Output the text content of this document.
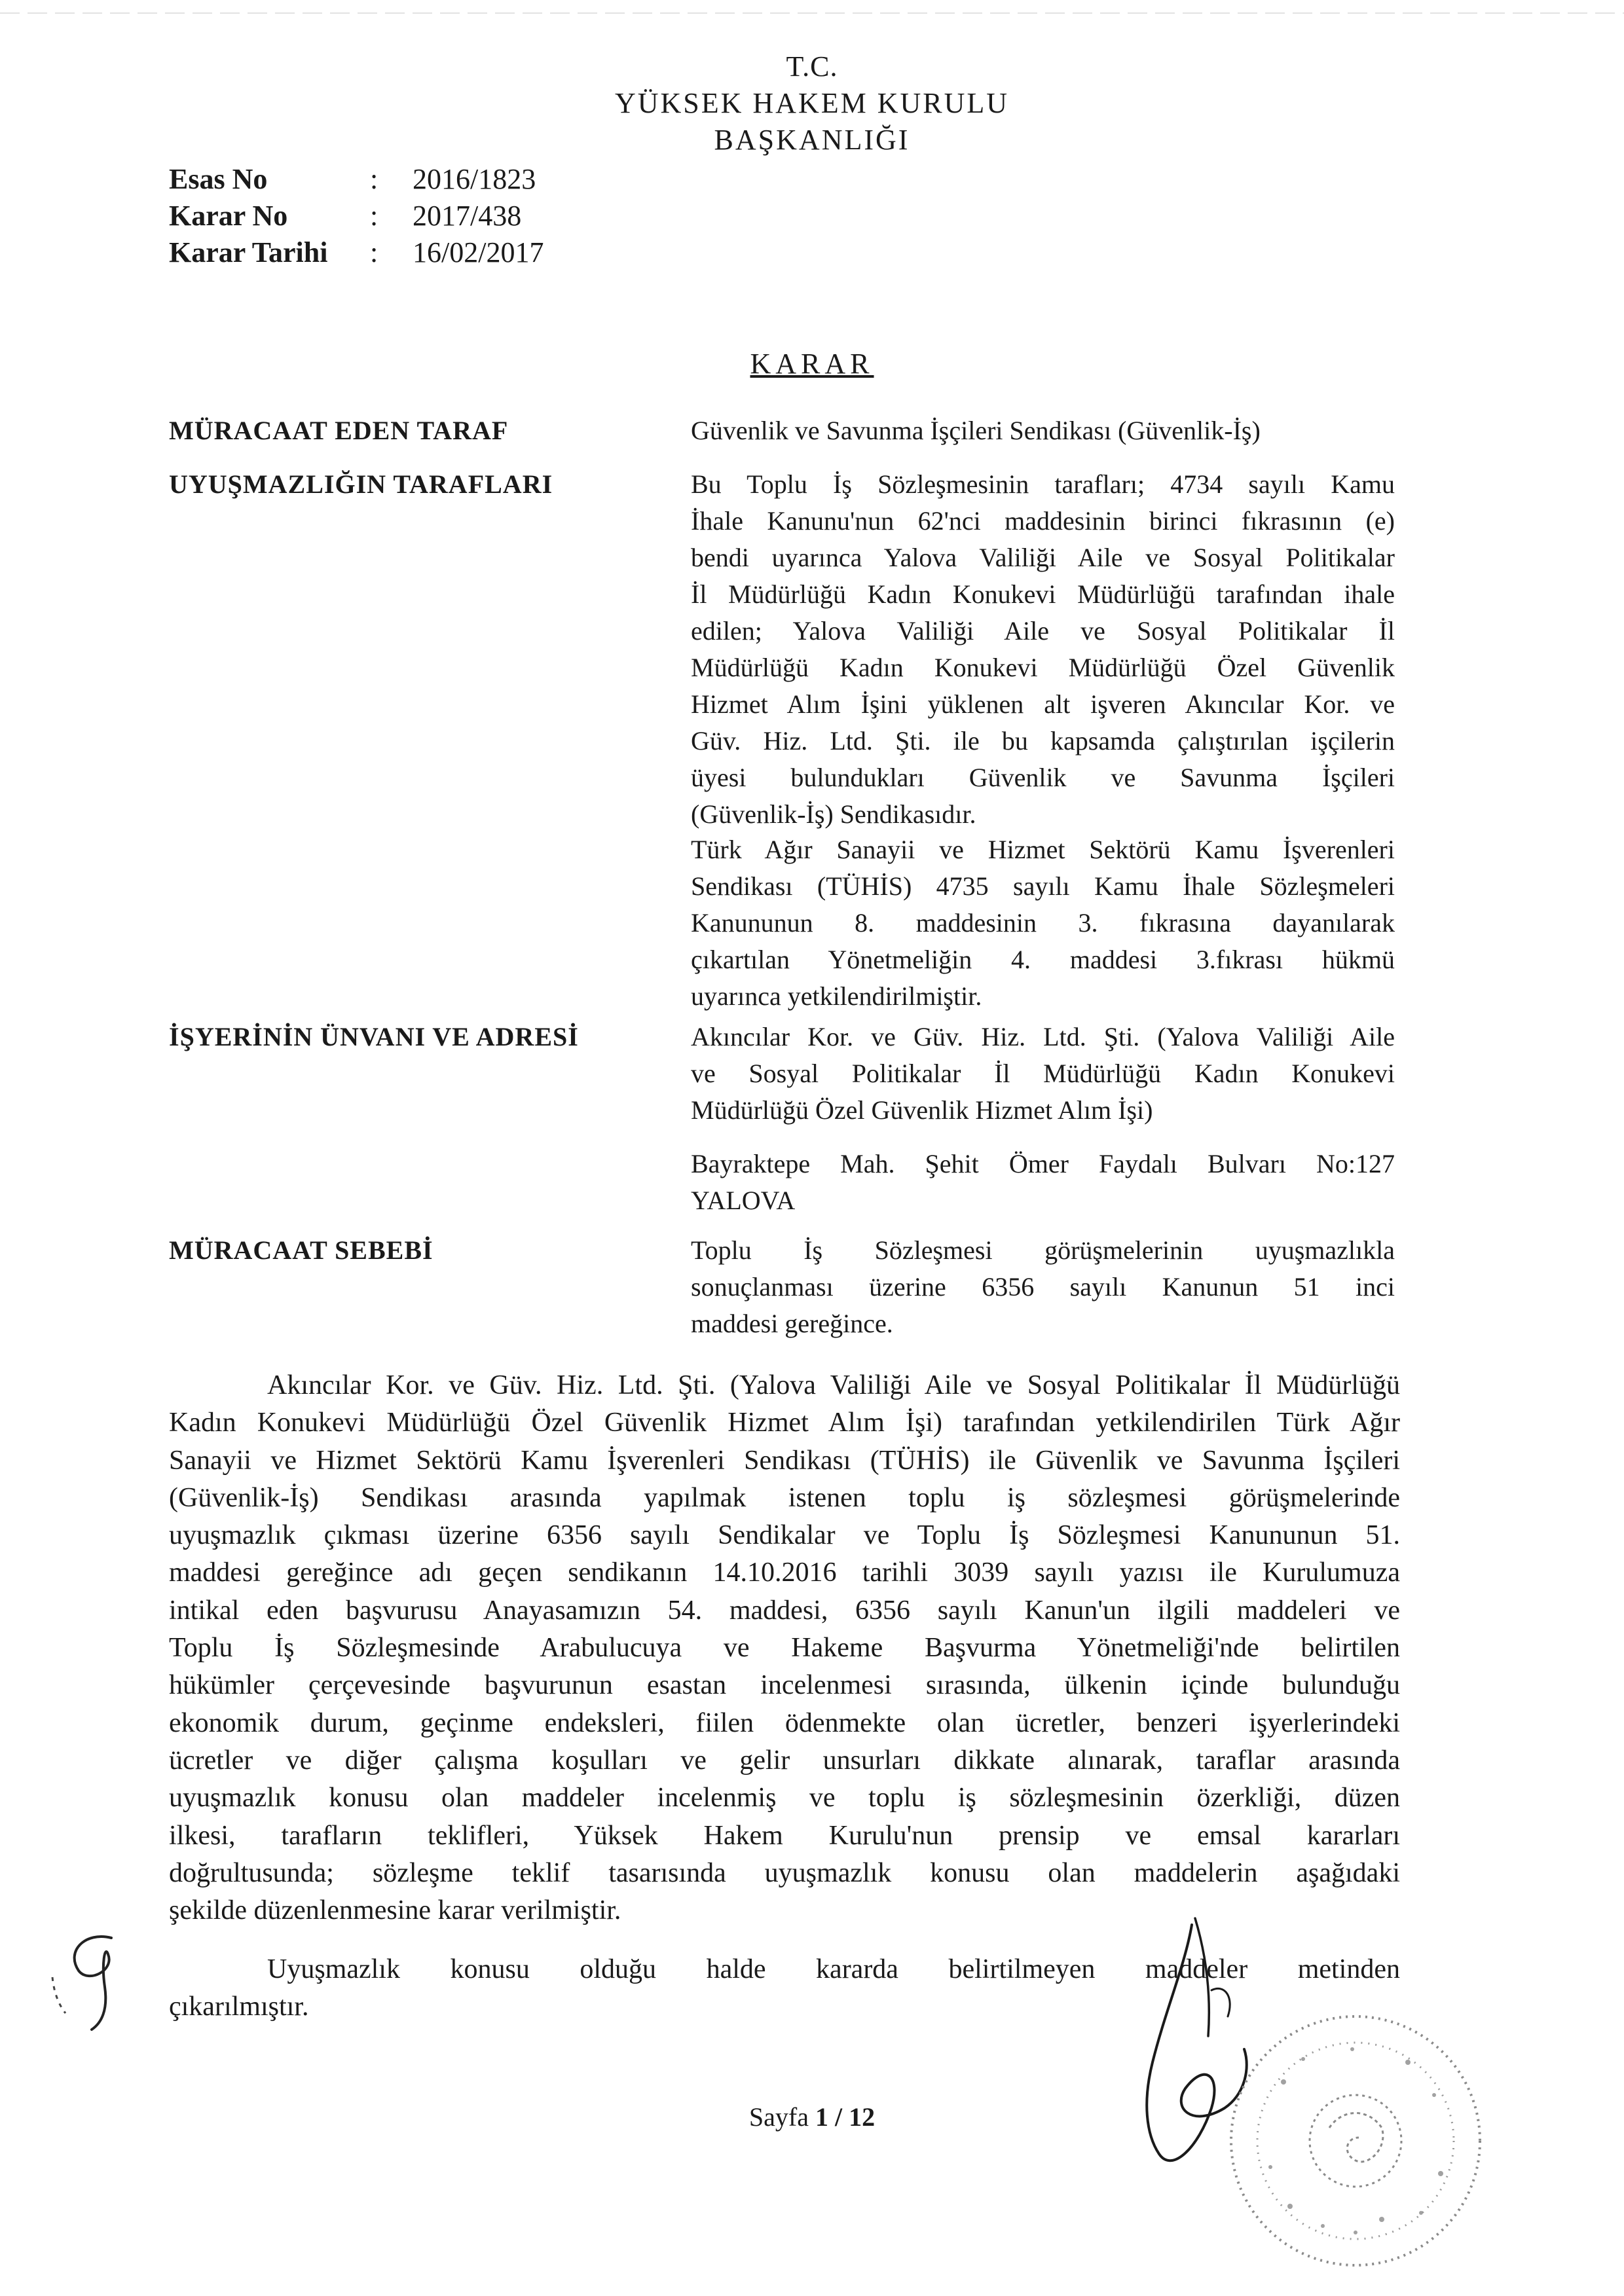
T.C.
YÜKSEK HAKEM KURULU
BAŞKANLIĞI
Esas No	: 2016/1823
Karar No	: 2017/438
Karar Tarihi : 16/02/2017
KARAR
MÜRACAAT EDEN TARAF	Güvenlik ve Savunma İşçileri Sendikası (Güvenlik-İş)
UYUŞMAZLIĞIN TARAFLARI	Bu Toplu İş Sözleşmesinin tarafları; 4734 sayılı Kamu
İhale Kanunu'nun 62'nci maddesinin birinci fıkrasının (e)
bendi uyarınca Yalova Valiliği Aile ve Sosyal Politikalar
İl Müdürlüğü Kadın Konukevi Müdürlüğü tarafından ihale
edilen; Yalova Valiliği Aile ve Sosyal Politikalar İl
Müdürlüğü Kadın Konukevi Müdürlüğü Özel Güvenlik
Hizmet Alım İşini yüklenen alt işveren Akıncılar Kor. ve
Güv. Hiz. Ltd. Şti. ile bu kapsamda çalıştırılan işçilerin
üyesi bulundukları Güvenlik ve Savunma İşçileri
(Güvenlik-İş) Sendikasıdır.
Türk Ağır Sanayii ve Hizmet Sektörü Kamu İşverenleri
Sendikası (TÜHİS) 4735 sayılı Kamu İhale Sözleşmeleri
Kanununun 8. maddesinin 3. fıkrasına dayanılarak
çıkartılan Yönetmeliğin 4. maddesi 3.fıkrası hükmü
uyarınca yetkilendirilmiştir.
İŞYERİNİN ÜNVANI VE ADRESİ	Akıncılar Kor. ve Güv. Hiz. Ltd. Şti. (Yalova Valiliği Aile
ve Sosyal Politikalar İl Müdürlüğü Kadın Konukevi
Müdürlüğü Özel Güvenlik Hizmet Alım İşi)
Bayraktepe Mah. Şehit Ömer Faydalı Bulvarı No:127
YALOVA
MÜRACAAT SEBEBİ	Toplu İş Sözleşmesi görüşmelerinin uyuşmazlıkla
sonuçlanması üzerine 6356 sayılı Kanunun 51 inci
maddesi gereğince.
Akıncılar Kor. ve Güv. Hiz. Ltd. Şti. (Yalova Valiliği Aile ve Sosyal Politikalar İl Müdürlüğü
Kadın Konukevi Müdürlüğü Özel Güvenlik Hizmet Alım İşi) tarafından yetkilendirilen Türk Ağır
Sanayii ve Hizmet Sektörü Kamu İşverenleri Sendikası (TÜHİS) ile Güvenlik ve Savunma İşçileri
(Güvenlik-İş) Sendikası arasında yapılmak istenen toplu iş sözleşmesi görüşmelerinde
uyuşmazlık çıkması üzerine 6356 sayılı Sendikalar ve Toplu İş Sözleşmesi Kanununun 51.
maddesi gereğince adı geçen sendikanın 14.10.2016 tarihli 3039 sayılı yazısı ile Kurulumuza
intikal eden başvurusu Anayasamızın 54. maddesi, 6356 sayılı Kanun'un ilgili maddeleri ve
Toplu İş Sözleşmesinde Arabulucuya ve Hakeme Başvurma Yönetmeliği'nde belirtilen
hükümler çerçevesinde başvurunun esastan incelenmesi sırasında, ülkenin içinde bulunduğu
ekonomik durum, geçinme endeksleri, fiilen ödenmekte olan ücretler, benzeri işyerlerindeki
ücretler ve diğer çalışma koşulları ve gelir unsurları dikkate alınarak, taraflar arasında
uyuşmazlık konusu olan maddeler incelenmiş ve toplu iş sözleşmesinin özerkliği, düzen
ilkesi, tarafların teklifleri, Yüksek Hakem Kurulu'nun prensip ve emsal kararları
doğrultusunda; sözleşme teklif tasarısında uyuşmazlık konusu olan maddelerin aşağıdaki
şekilde düzenlenmesine karar verilmiştir.
Uyuşmazlık konusu olduğu halde kararda belirtilmeyen maddeler metinden
çıkarılmıştır.
Sayfa 1 / 12
